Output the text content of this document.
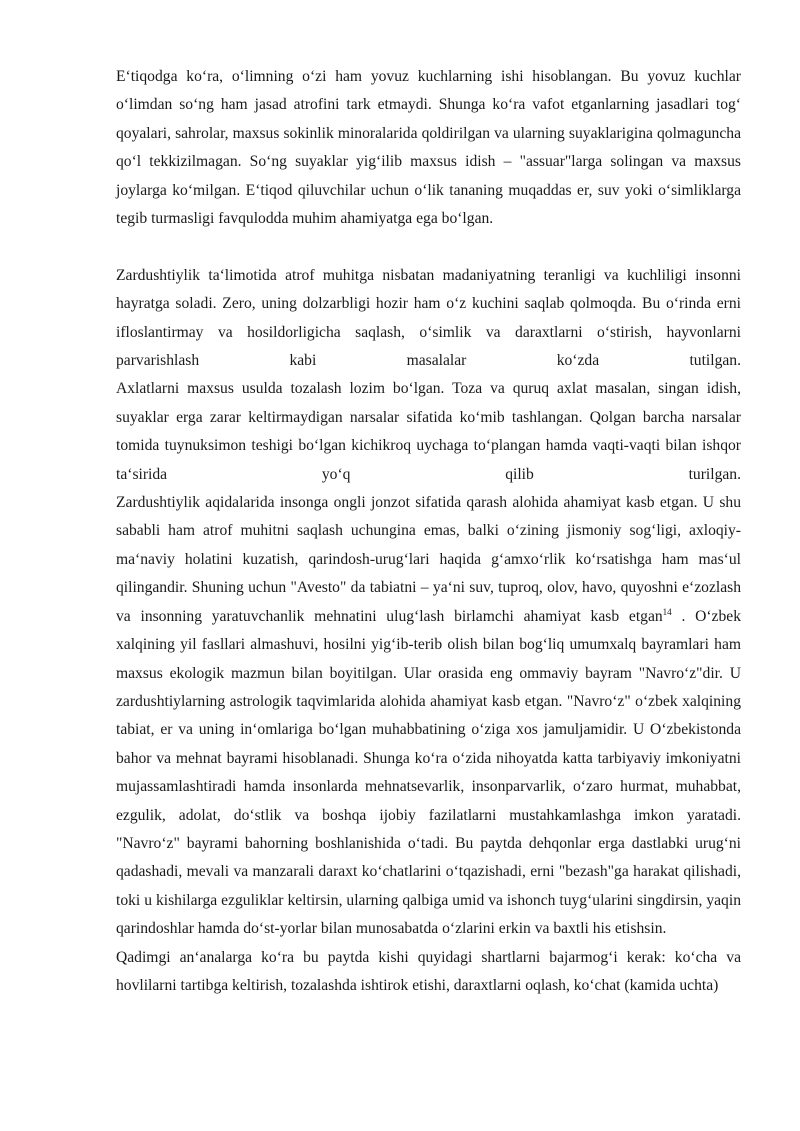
E‘tiqodga ko‘ra, o‘limning o‘zi ham yovuz kuchlarning ishi hisoblangan. Bu yovuz kuchlar o‘limdan so‘ng ham jasad atrofini tark etmaydi. Shunga ko‘ra vafot etganlarning jasadlari tog‘ qoyalari, sahrolar, maxsus sokinlik minoralarida qoldirilgan va ularning suyaklarigina qolmaguncha qo‘l tekkizilmagan. So‘ng suyaklar yig‘ilib maxsus idish – "assuar"larga solingan va maxsus joylarga ko‘milgan. E‘tiqod qiluvchilar uchun o‘lik tananing muqaddas er, suv yoki o‘simliklarga tegib turmasligi favqulodda muhim ahamiyatga ega bo‘lgan.

Zardushtiylik ta‘limotida atrof muhitga nisbatan madaniyatning teranligi va kuchliligi insonni hayratga soladi. Zero, uning dolzarbligi hozir ham o‘z kuchini saqlab qolmoqda. Bu o‘rinda erni ifloslantirmay va hosildorligicha saqlash, o‘simlik va daraxtlarni o‘stirish, hayvonlarni parvarishlash kabi masalalar ko‘zda tutilgan.

Axlatlarni maxsus usulda tozalash lozim bo‘lgan. Toza va quruq axlat masalan, singan idish, suyaklar erga zarar keltirmaydigan narsalar sifatida ko‘mib tashlangan. Qolgan barcha narsalar tomida tuynuksimon teshigi bo‘lgan kichikroq uychaga to‘plangan hamda vaqti-vaqti bilan ishqor ta‘sirida yo‘q qilib turilgan.

Zardushtiylik aqidalarida insonga ongli jonzot sifatida qarash alohida ahamiyat kasb etgan. U shu sababli ham atrof muhitni saqlash uchungina emas, balki o‘zining jismoniy sog‘ligi, axloqiy-ma‘naviy holatini kuzatish, qarindosh-urug‘lari haqida g‘amxo‘rlik ko‘rsatishga ham mas‘ul qilingandir. Shuning uchun "Avesto" da tabiatni – ya‘ni suv, tuproq, olov, havo, quyoshni e‘zozlash va insonning yaratuvchanlik mehnatini ulug‘lash birlamchi ahamiyat kasb etgan$^{14}$ . O‘zbek xalqining yil fasllari almashuvi, hosilni yig‘ib-terib olish bilan bog‘liq umumxalq bayramlari ham maxsus ekologik mazmun bilan boyitilgan. Ular orasida eng ommaviy bayram "Navro‘z"dir. U zardushtiylarning astrologik taqvimlarida alohida ahamiyat kasb etgan. "Navro‘z" o‘zbek xalqining tabiat, er va uning in‘omlariga bo‘lgan muhabbatining o‘ziga xos jamuljamidir. U O‘zbekistonda bahor va mehnat bayrami hisoblanadi. Shunga ko‘ra o‘zida nihoyatda katta tarbiyaviy imkoniyatni mujassamlashtiradi hamda insonlarda mehnatsevarlik, insonparvarlik, o‘zaro hurmat, muhabbat, ezgulik, adolat, do‘stlik va boshqa ijobiy fazilatlarni mustahkamlashga imkon yaratadi.

"Navro‘z" bayrami bahorning boshlanishida o‘tadi. Bu paytda dehqonlar erga dastlabki urug‘ni qadashadi, mevali va manzarali daraxt ko‘chatlarini o‘tqazishadi, erni "bezash"ga harakat qilishadi, toki u kishilarga ezguliklar keltirsin, ularning qalbiga umid va ishonch tuyg‘ularini singdirsin, yaqin qarindoshlar hamda do‘st-yorlar bilan munosabatda o‘zlarini erkin va baxtli his etishsin.

Qadimgi an‘analarga ko‘ra bu paytda kishi quyidagi shartlarni bajarmog‘i kerak: ko‘cha va hovlilarni tartibga keltirish, tozalashda ishtirok etishi, daraxtlarni oqlash, ko‘chat (kamida uchta)
